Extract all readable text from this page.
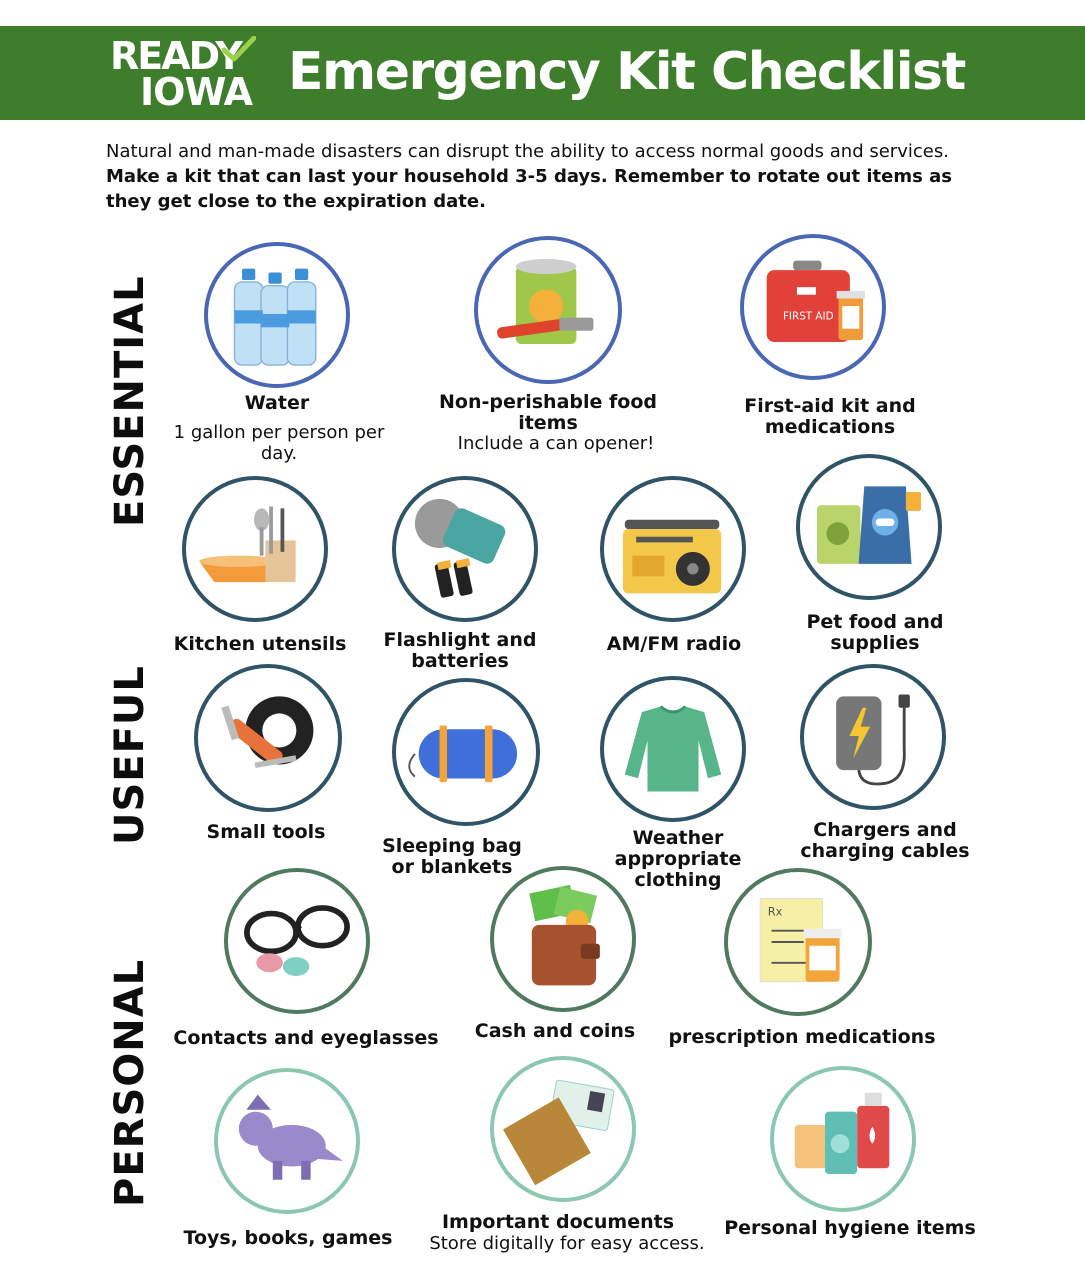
READY
IOWA Emergency Kit Checklist
Natural and man-made disasters can disrupt the ability to access normal goods and services. Make a kit that can last your household 3-5 days. Remember to rotate out items as they get close to the expiration date.
ESSENTIAL
USEFUL
PERSONAL
Water
1 gallon per person per day.
Non-perishable food items
Include a can opener!
FIRST AID
First-aid kit and medications
Kitchen utensils	Flashlight and batteries
AM/FM radio
Pet food and supplies
Small tools
Sleeping bag or blankets
Weather appropriate clothing
Chargers and charging cables
Contacts and eyeglasses	Cash and coins
Rx
prescription medications
Toys, books, games
Important documents
Store digitally for easy access.
Personal hygiene items
